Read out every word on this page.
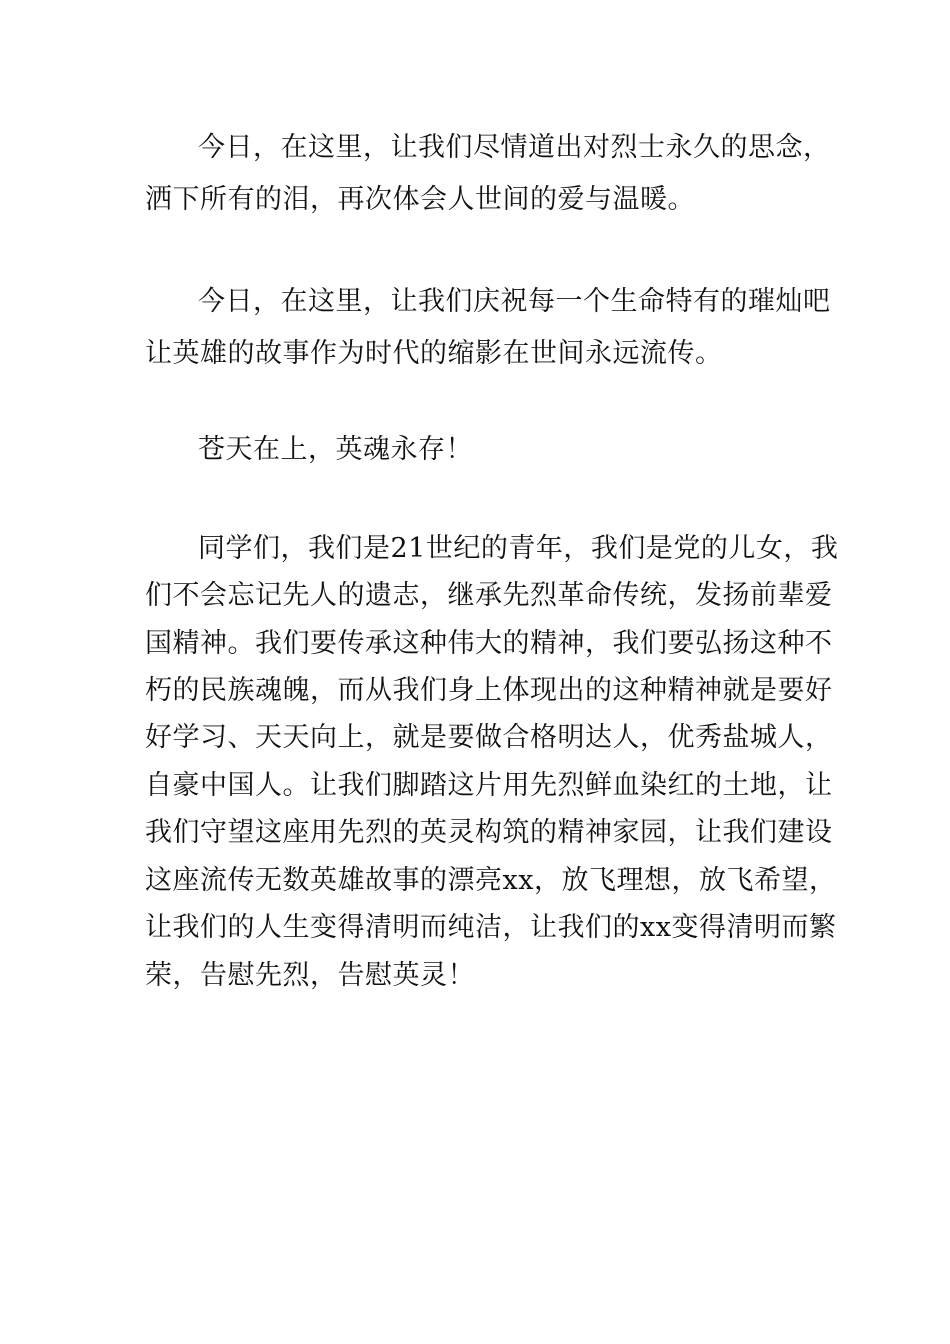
今日，在这里，让我们尽情道出对烈士永久的思念，
洒下所有的泪，再次体会人世间的爱与温暖。
今日，在这里，让我们庆祝每一个生命特有的璀灿吧
让英雄的故事作为时代的缩影在世间永远流传。
苍天在上，英魂永存！
同学们，我们是21世纪的青年，我们是党的儿女，我
们不会忘记先人的遗志，继承先烈革命传统，发扬前辈爱
国精神。我们要传承这种伟大的精神，我们要弘扬这种不
朽的民族魂魄，而从我们身上体现出的这种精神就是要好
好学习、天天向上，就是要做合格明达人，优秀盐城人，
自豪中国人。让我们脚踏这片用先烈鲜血染红的土地，让
我们守望这座用先烈的英灵构筑的精神家园，让我们建设
这座流传无数英雄故事的漂亮xx，放飞理想，放飞希望，
让我们的人生变得清明而纯洁，让我们的xx变得清明而繁
荣，告慰先烈，告慰英灵！
